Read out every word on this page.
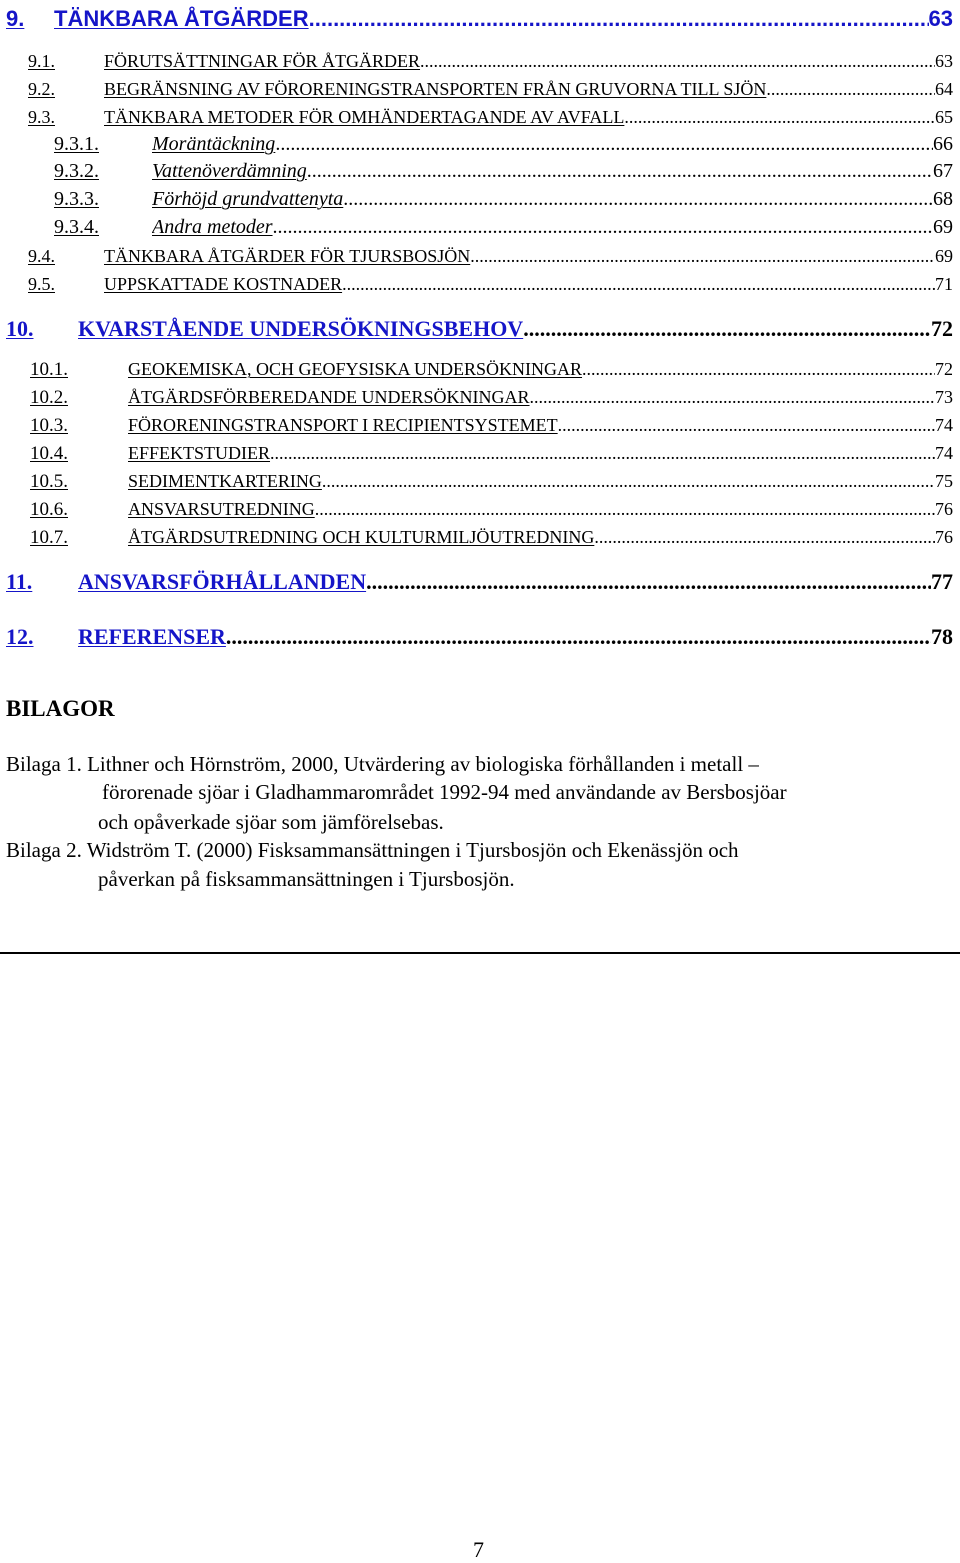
9. TÄNKBARA ÅTGÄRDER .....	63
9.1.	FÖRUTSÄTTNINGAR FÖR ÅTGÄRDER .....	63
9.2.	BEGRÄNSNING AV FÖRORENINGSTRANSPORTEN FRÅN GRUVORNA TILL SJÖN .....	64
9.3.	TÄNKBARA METODER FÖR OMHÄNDERTAGANDE AV AVFALL .....	65
9.3.1.	Moräntäckning .....	66
9.3.2.	Vattenöverdämning .....	67
9.3.3.	Förhöjd grundvattenyta .....	68
9.3.4.	Andra metoder .....	69
9.4.	TÄNKBARA ÅTGÄRDER FÖR TJURSBOSJÖN .....	69
9.5.	UPPSKATTADE KOSTNADER .....	71
10. KVARSTÅENDE UNDERSÖKNINGSBEHOV .....	72
10.1.	GEOKEMISKA, OCH GEOFYSISKA UNDERSÖKNINGAR .....	72
10.2.	ÅTGÄRDSFÖRBEREDANDE UNDERSÖKNINGAR .....	73
10.3.	FÖRORENINGSTRANSPORT I RECIPIENTSYSTEMET .....	74
10.4.	EFFEKTSTUDIER .....	74
10.5.	SEDIMENTKARTERING .....	75
10.6.	ANSVARSUTREDNING .....	76
10.7.	ÅTGÄRDSUTREDNING OCH KULTURMILJÖUTREDNING .....	76
11. ANSVARSFÖRHÅLLANDEN .....	77
12. REFERENSER .....	78
BILAGOR
Bilaga 1. Lithner och Hörnström, 2000, Utvärdering av biologiska förhållanden i metall –
förorenade sjöar i Gladhammarområdet 1992-94 med användande av Bersbosjöar
och opåverkade sjöar som jämförelsebas.
Bilaga 2. Widström T. (2000) Fisksammansättningen i Tjursbosjön och Ekenässjön och
påverkan på fisksammansättningen i Tjursbosjön.
7
